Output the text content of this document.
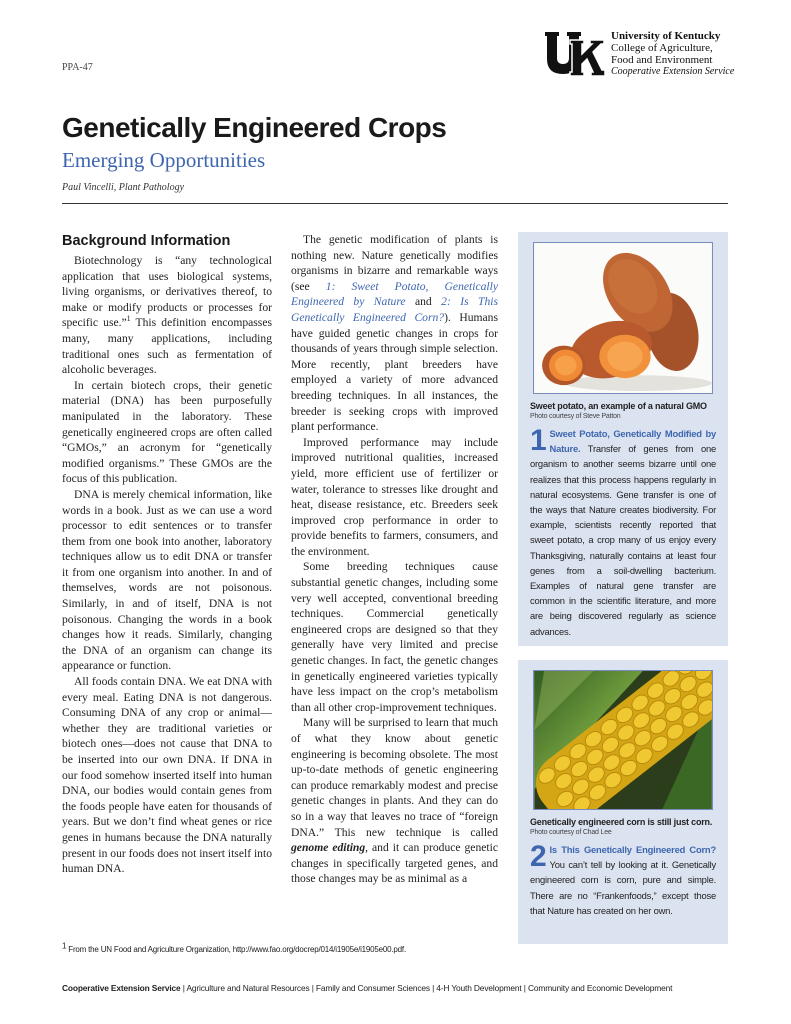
PPA-47
University of Kentucky
College of Agriculture,
Food and Environment
Cooperative Extension Service
Genetically Engineered Crops
Emerging Opportunities
Paul Vincelli, Plant Pathology

Background Information

Biotechnology is “any technological application that uses biological systems, living organisms, or derivatives thereof, to make or modify products or processes for specific use.”$^1$ This definition encompasses many, many applications, including traditional ones such as fermentation of alcoholic beverages.

In certain biotech crops, their genetic material (DNA) has been purposefully manipulated in the laboratory. These genetically engineered crops are often called “GMOs,” an acronym for “genetically modified organisms.” These GMOs are the focus of this publication.

DNA is merely chemical information, like words in a book. Just as we can use a word processor to edit sentences or to transfer them from one book into another, laboratory techniques allow us to edit DNA or transfer it from one organism into another. In and of themselves, words are not poisonous. Similarly, in and of itself, DNA is not poisonous. Changing the words in a book changes how it reads. Similarly, changing the DNA of an organism can change its appearance or function.

All foods contain DNA. We eat DNA with every meal. Eating DNA is not dangerous. Consuming DNA of any crop or animal—whether they are traditional varieties or biotech ones—does not cause that DNA to be inserted into our own DNA. If DNA in our food somehow inserted itself into human DNA, our bodies would contain genes from the foods people have eaten for thousands of years. But we don’t find wheat genes or rice genes in humans because the DNA naturally present in our foods does not insert itself into human DNA.

The genetic modification of plants is nothing new. Nature genetically modifies organisms in bizarre and remarkable ways (see 1: Sweet Potato, Genetically Engineered by Nature and 2: Is This Genetically Engineered Corn?). Humans have guided genetic changes in crops for thousands of years through simple selection. More recently, plant breeders have employed a variety of more advanced breeding techniques. In all instances, the breeder is seeking crops with improved plant performance.

Improved performance may include improved nutritional qualities, increased yield, more efficient use of fertilizer or water, tolerance to stresses like drought and heat, disease resistance, etc. Breeders seek improved crop performance in order to provide benefits to farmers, consumers, and the environment.

Some breeding techniques cause substantial genetic changes, including some very well accepted, conventional breeding techniques. Commercial genetically engineered crops are designed so that they generally have very limited and precise genetic changes. In fact, the genetic changes in genetically engineered varieties typically have less impact on the crop’s metabolism than all other crop-improvement techniques.

Many will be surprised to learn that much of what they know about genetic engineering is becoming obsolete. The most up-to-date methods of genetic engineering can produce remarkably modest and precise genetic changes in plants. And they can do so in a way that leaves no trace of “foreign DNA.” This new technique is called genome editing, and it can produce genetic changes in specifically targeted genes, and those changes may be as minimal as a

Sweet potato, an example of a natural GMO
Photo courtesy of Steve Patton
1 Sweet Potato, Genetically Modified by Nature. Transfer of genes from one organism to another seems bizarre until one realizes that this process happens regularly in natural ecosystems. Gene transfer is one of the ways that Nature creates biodiversity. For example, scientists recently reported that sweet potato, a crop many of us enjoy every Thanksgiving, naturally contains at least four genes from a soil-dwelling bacterium. Examples of natural gene transfer are common in the scientific literature, and more are being discovered regularly as science advances.
Genetically engineered corn is still just corn.
Photo courtesy of Chad Lee
2 Is This Genetically Engineered Corn? You can’t tell by looking at it. Genetically engineered corn is corn, pure and simple. There are no “Frankenfoods,” except those that Nature has created on her own.
$^1$ From the UN Food and Agriculture Organization, http://www.fao.org/docrep/014/i1905e/i1905e00.pdf.
Cooperative Extension Service | Agriculture and Natural Resources | Family and Consumer Sciences | 4-H Youth Development | Community and Economic Development
